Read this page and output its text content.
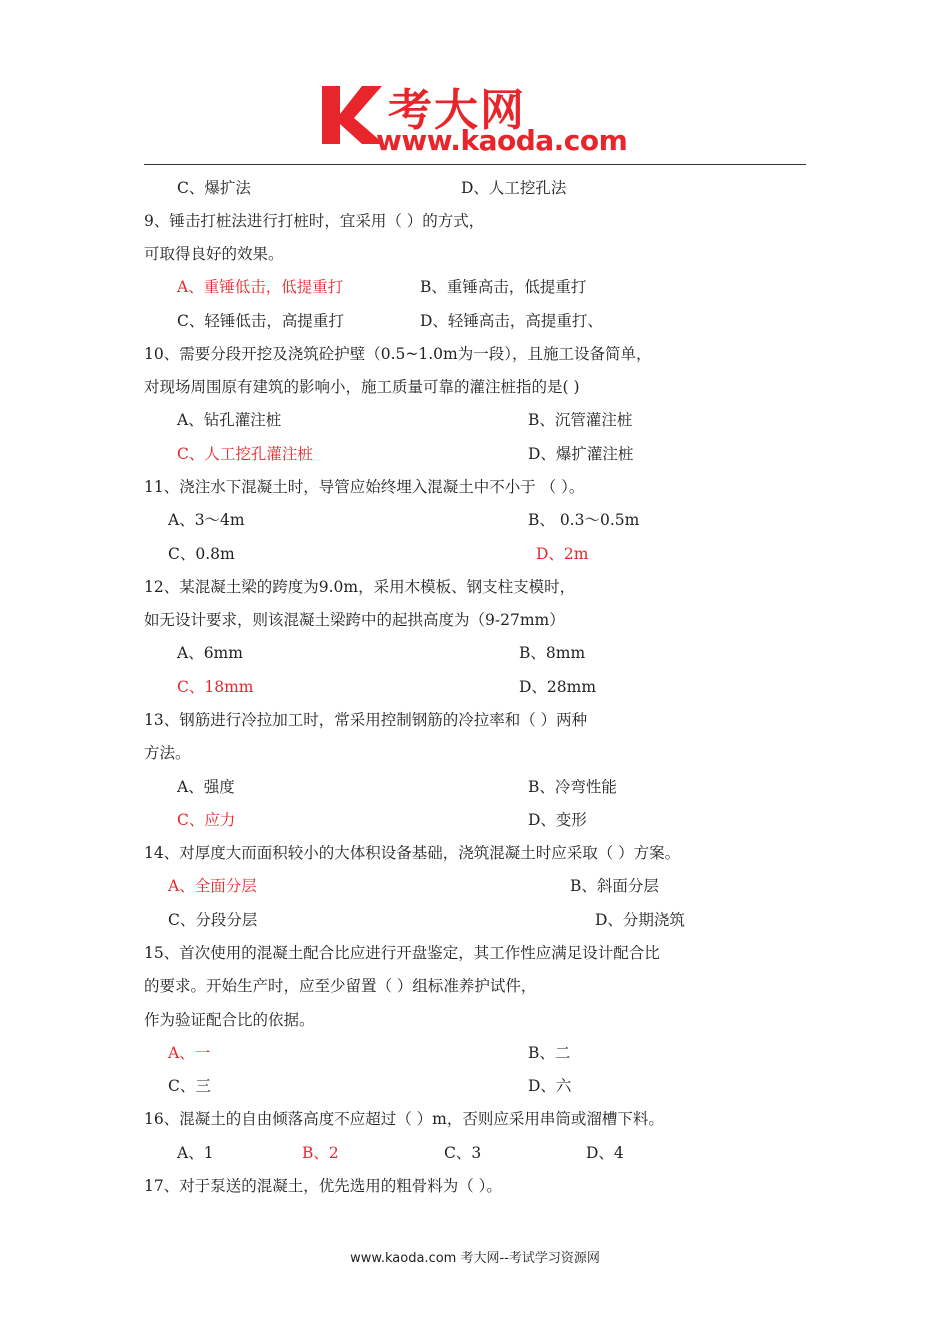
考大网
www.kaoda.com
C、爆扩法	D、人工挖孔法
9、锤击打桩法进行打桩时，宜采用（ ）的方式，
可取得良好的效果。
A、重锤低击，低提重打	B、重锤高击，低提重打
C、轻锤低击，高提重打	D、轻锤高击，高提重打、
10、需要分段开挖及浇筑砼护壁（0.5~1.0m为一段），且施工设备简单，
对现场周围原有建筑的影响小，施工质量可靠的灌注桩指的是( )
A、钻孔灌注桩	B、沉管灌注桩
C、人工挖孔灌注桩	D、爆扩灌注桩
11、浇注水下混凝土时，导管应始终埋入混凝土中不小于 （ ）。
A、3～4m	B、 0.3～0.5m
C、0.8m	D、2m
12、某混凝土梁的跨度为9.0m，采用木模板、钢支柱支模时，
如无设计要求，则该混凝土梁跨中的起拱高度为（9-27mm）
A、6mm	B、8mm
C、18mm	D、28mm
13、钢筋进行冷拉加工时，常采用控制钢筋的冷拉率和（ ）两种
方法。
A、强度	B、冷弯性能
C、应力	D、变形
14、对厚度大而面积较小的大体积设备基础，浇筑混凝土时应采取（ ）方案。
A、全面分层	B、斜面分层
C、分段分层	D、分期浇筑
15、首次使用的混凝土配合比应进行开盘鉴定，其工作性应满足设计配合比
的要求。开始生产时，应至少留置（ ）组标准养护试件，
作为验证配合比的依据。
A、一	B、二
C、三	D、六
16、混凝土的自由倾落高度不应超过（ ）m，否则应采用串筒或溜槽下料。
A、1	B、2	C、3	D、4
17、对于泵送的混凝土，优先选用的粗骨料为（ ）。
www.kaoda.com 考大网--考试学习资源网
